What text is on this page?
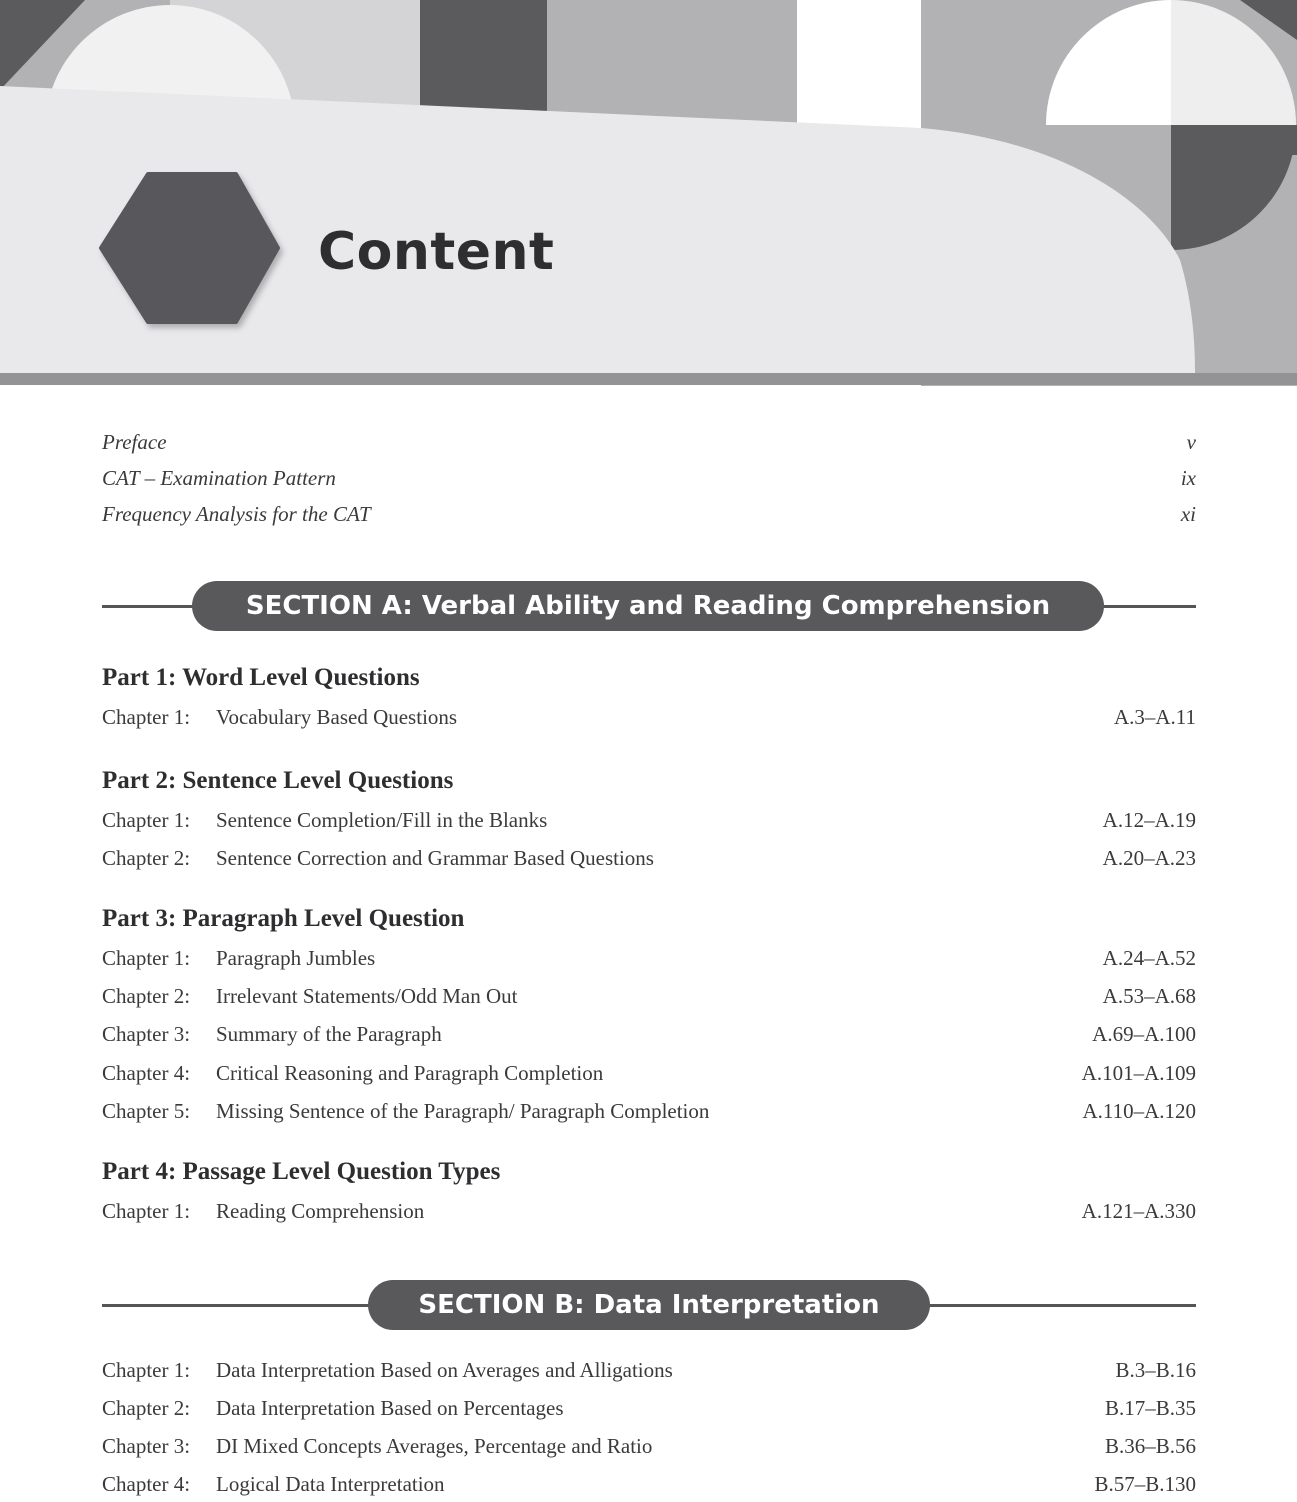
Content
Preface	v
CAT – Examination Pattern	ix
Frequency Analysis for the CAT	xi
SECTION A: Verbal Ability and Reading Comprehension
Part 1: Word Level Questions
Chapter 1: Vocabulary Based Questions	A.3–A.11
Part 2: Sentence Level Questions
Chapter 1: Sentence Completion/Fill in the Blanks	A.12–A.19
Chapter 2: Sentence Correction and Grammar Based Questions	A.20–A.23
Part 3: Paragraph Level Question
Chapter 1: Paragraph Jumbles	A.24–A.52
Chapter 2: Irrelevant Statements/Odd Man Out	A.53–A.68
Chapter 3: Summary of the Paragraph	A.69–A.100
Chapter 4: Critical Reasoning and Paragraph Completion	A.101–A.109
Chapter 5: Missing Sentence of the Paragraph/ Paragraph Completion	A.110–A.120
Part 4: Passage Level Question Types
Chapter 1: Reading Comprehension	A.121–A.330
SECTION B: Data Interpretation
Chapter 1: Data Interpretation Based on Averages and Alligations	B.3–B.16
Chapter 2: Data Interpretation Based on Percentages	B.17–B.35
Chapter 3: DI Mixed Concepts Averages, Percentage and Ratio	B.36–B.56
Chapter 4: Logical Data Interpretation	B.57–B.130
